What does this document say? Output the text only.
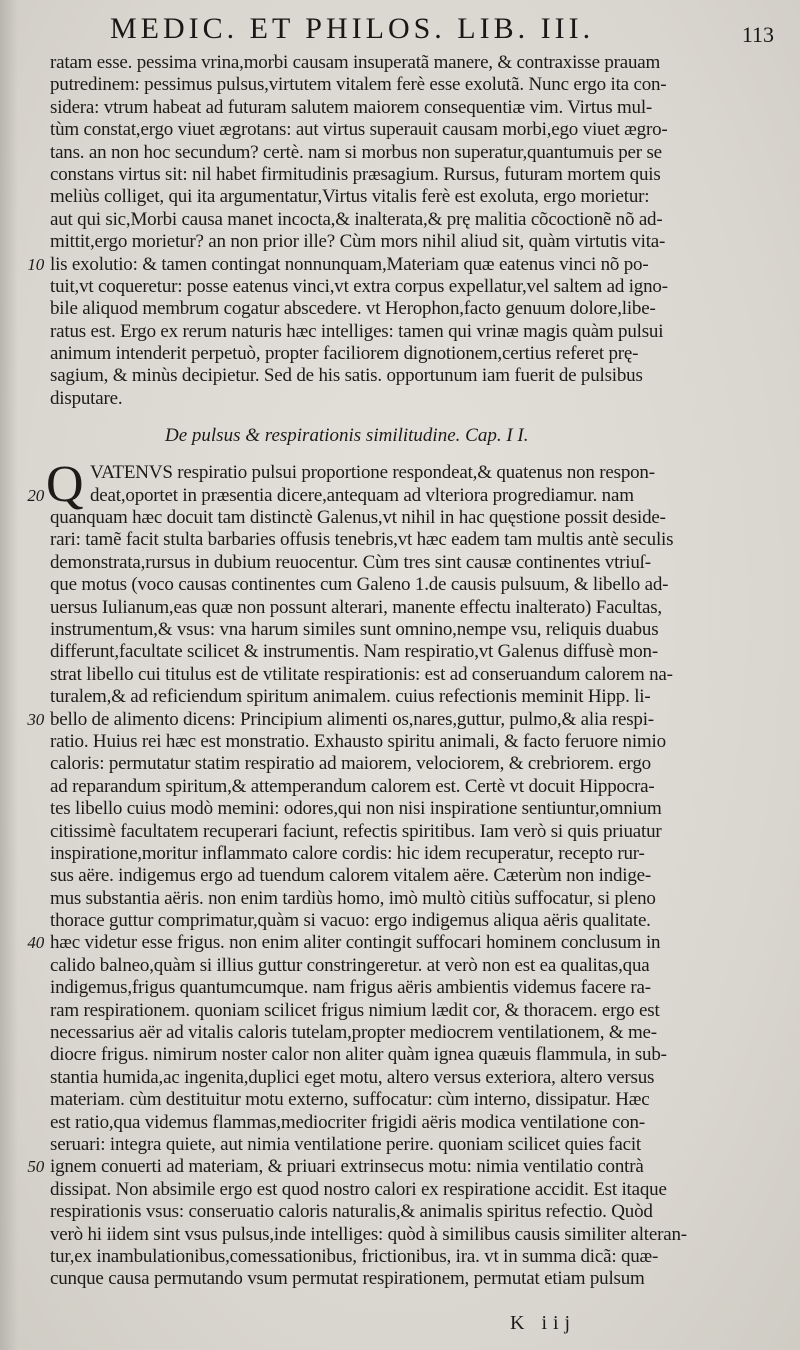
MEDIC. ET PHILOS. LIB. III.	113
ratam esse. pessima vrina,morbi causam insuperatã manere, & contraxisse prauam
putredinem: pessimus pulsus,virtutem vitalem ferè esse exolutã. Nunc ergo ita con-
sidera: vtrum habeat ad futuram salutem maiorem consequentiæ vim. Virtus mul-
tùm constat,ergo viuet ægrotans: aut virtus superauit causam morbi,ego viuet ægro-
tans. an non hoc secundum? certè. nam si morbus non superatur,quantumuis per se
constans virtus sit: nil habet firmitudinis præsagium. Rursus, futuram mortem quis
meliùs colliget, qui ita argumentatur,Virtus vitalis ferè est exoluta, ergo morietur:
aut qui sic,Morbi causa manet incocta,& inalterata,& prę malitia cõcoctionẽ nõ ad-
mittit,ergo morietur? an non prior ille? Cùm mors nihil aliud sit, quàm virtutis vita-
10 lis exolutio: & tamen contingat nonnunquam,Materiam quæ eatenus vinci nõ po-
tuit,vt coqueretur: posse eatenus vinci,vt extra corpus expellatur,vel saltem ad igno-
bile aliquod membrum cogatur abscedere. vt Herophon,facto genuum dolore,libe-
ratus est. Ergo ex rerum naturis hæc intelliges: tamen qui vrinæ magis quàm pulsui
animum intenderit perpetuò, propter faciliorem dignotionem,certius referet prę-
sagium, & minùs decipietur. Sed de his satis. opportunum iam fuerit de pulsibus
disputare.
De pulsus & respirationis similitudine. Cap. I I.
Q VATENVS respiratio pulsui proportione respondeat,& quatenus non respon-
20 deat,oportet in præsentia dicere,antequam ad vlteriora progrediamur. nam
quanquam hæc docuit tam distinctè Galenus,vt nihil in hac quęstione possit deside-
rari: tamẽ facit stulta barbaries offusis tenebris,vt hæc eadem tam multis antè seculis
demonstrata,rursus in dubium reuocentur. Cùm tres sint causæ continentes vtriuſ-
que motus (voco causas continentes cum Galeno 1.de causis pulsuum, & libello ad-
uersus Iulianum,eas quæ non possunt alterari, manente effectu inalterato) Facultas,
instrumentum,& vsus: vna harum similes sunt omnino,nempe vsu, reliquis duabus
differunt,facultate scilicet & instrumentis. Nam respiratio,vt Galenus diffusè mon-
strat libello cui titulus est de vtilitate respirationis: est ad conseruandum calorem na-
turalem,& ad reficiendum spiritum animalem. cuius refectionis meminit Hipp. li-
30 bello de alimento dicens: Principium alimenti os,nares,guttur, pulmo,& alia respi-
ratio. Huius rei hæc est monstratio. Exhausto spiritu animali, & facto feruore nimio
caloris: permutatur statim respiratio ad maiorem, velociorem, & crebriorem. ergo
ad reparandum spiritum,& attemperandum calorem est. Certè vt docuit Hippocra-
tes libello cuius modò memini: odores,qui non nisi inspiratione sentiuntur,omnium
citissimè facultatem recuperari faciunt, refectis spiritibus. Iam verò si quis priuatur
inspiratione,moritur inflammato calore cordis: hic idem recuperatur, recepto rur-
sus aëre. indigemus ergo ad tuendum calorem vitalem aëre. Cæterùm non indige-
mus substantia aëris. non enim tardiùs homo, imò multò citiùs suffocatur, si pleno
thorace guttur comprimatur,quàm si vacuo: ergo indigemus aliqua aëris qualitate.
40 hæc videtur esse frigus. non enim aliter contingit suffocari hominem conclusum in
calido balneo,quàm si illius guttur constringeretur. at verò non est ea qualitas,qua
indigemus,frigus quantumcumque. nam frigus aëris ambientis videmus facere ra-
ram respirationem. quoniam scilicet frigus nimium lædit cor, & thoracem. ergo est
necessarius aër ad vitalis caloris tutelam,propter mediocrem ventilationem, & me-
diocre frigus. nimirum noster calor non aliter quàm ignea quæuis flammula, in sub-
stantia humida,ac ingenita,duplici eget motu, altero versus exteriora, altero versus
materiam. cùm destituitur motu externo, suffocatur: cùm interno, dissipatur. Hæc
est ratio,qua videmus flammas,mediocriter frigidi aëris modica ventilatione con-
seruari: integra quiete, aut nimia ventilatione perire. quoniam scilicet quies facit
50 ignem conuerti ad materiam, & priuari extrinsecus motu: nimia ventilatio contrà
dissipat. Non absimile ergo est quod nostro calori ex respiratione accidit. Est itaque
respirationis vsus: conseruatio caloris naturalis,& animalis spiritus refectio. Quòd
verò hi iidem sint vsus pulsus,inde intelliges: quòd à similibus causis similiter alteran-
tur,ex inambulationibus,comessationibus, frictionibus, ira. vt in summa dicã: quæ-
cunque causa permutando vsum permutat respirationem, permutat etiam pulsum
K iij
